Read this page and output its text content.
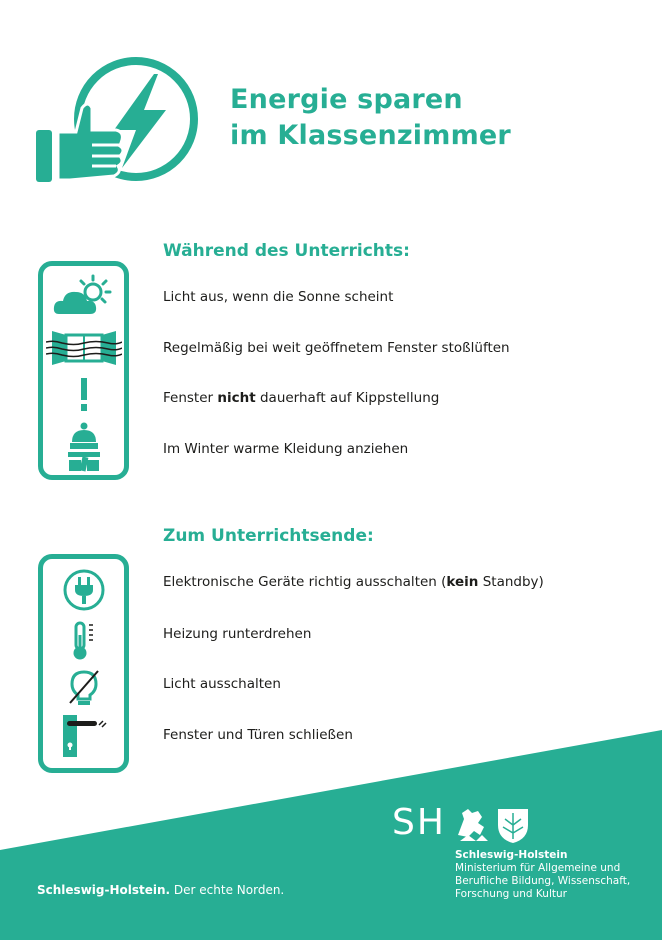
Energie sparen
im Klassenzimmer
Während des Unterrichts:
Licht aus, wenn die Sonne scheint
Regelmäßig bei weit geöffnetem Fenster stoßlüften
Fenster nicht dauerhaft auf Kippstellung
Im Winter warme Kleidung anziehen
Zum Unterrichtsende:
Elektronische Geräte richtig ausschalten (kein Standby)
Heizung runterdrehen
Licht ausschalten
Fenster und Türen schließen
SH
Schleswig-Holstein
Ministerium für Allgemeine und
Berufliche Bildung, Wissenschaft,
Forschung und Kultur
Schleswig-Holstein. Der echte Norden.
